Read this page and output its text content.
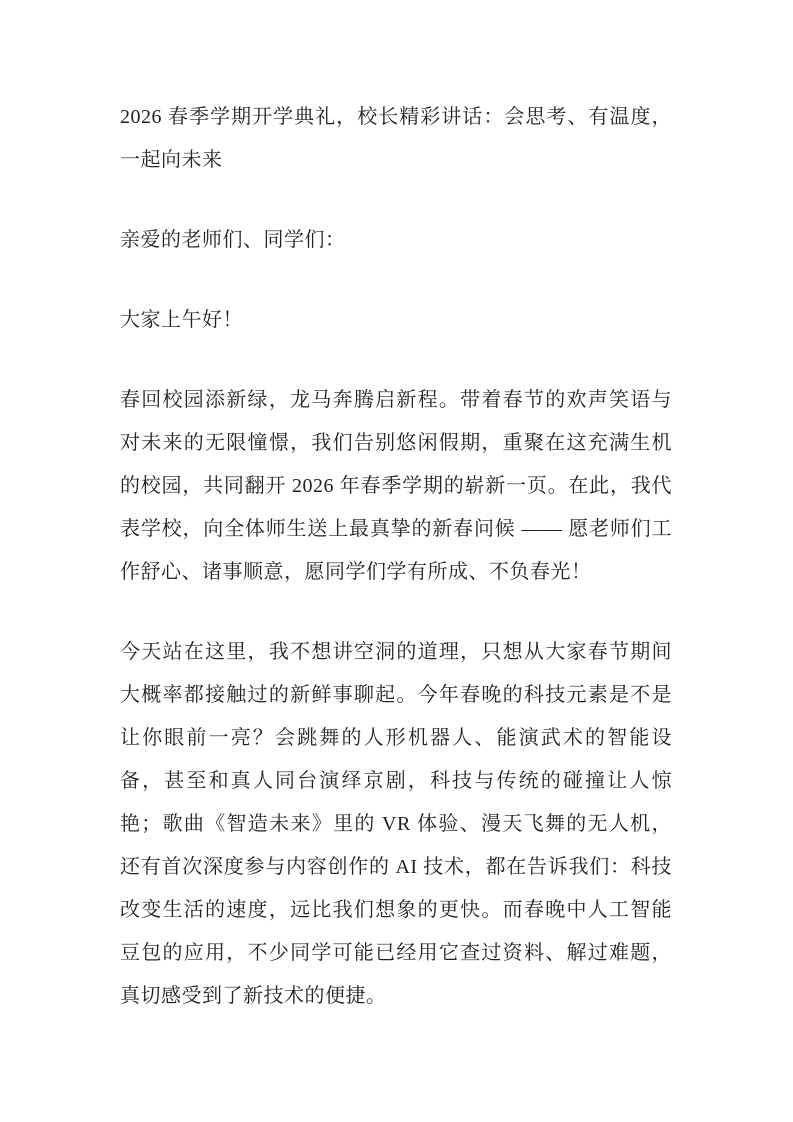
2026 春季学期开学典礼，校长精彩讲话：会思考、有温度，一起向未来

亲爱的老师们、同学们：

大家上午好！

春回校园添新绿，龙马奔腾启新程。带着春节的欢声笑语与对未来的无限憧憬，我们告别悠闲假期，重聚在这充满生机的校园，共同翻开 2026 年春季学期的崭新一页。在此，我代表学校，向全体师生送上最真挚的新春问候 —— 愿老师们工作舒心、诸事顺意，愿同学们学有所成、不负春光！

今天站在这里，我不想讲空洞的道理，只想从大家春节期间大概率都接触过的新鲜事聊起。今年春晚的科技元素是不是让你眼前一亮？会跳舞的人形机器人、能演武术的智能设备，甚至和真人同台演绎京剧，科技与传统的碰撞让人惊艳；歌曲《智造未来》里的 VR 体验、漫天飞舞的无人机，还有首次深度参与内容创作的 AI 技术，都在告诉我们：科技改变生活的速度，远比我们想象的更快。而春晚中人工智能豆包的应用，不少同学可能已经用它查过资料、解过难题，真切感受到了新技术的便捷。
